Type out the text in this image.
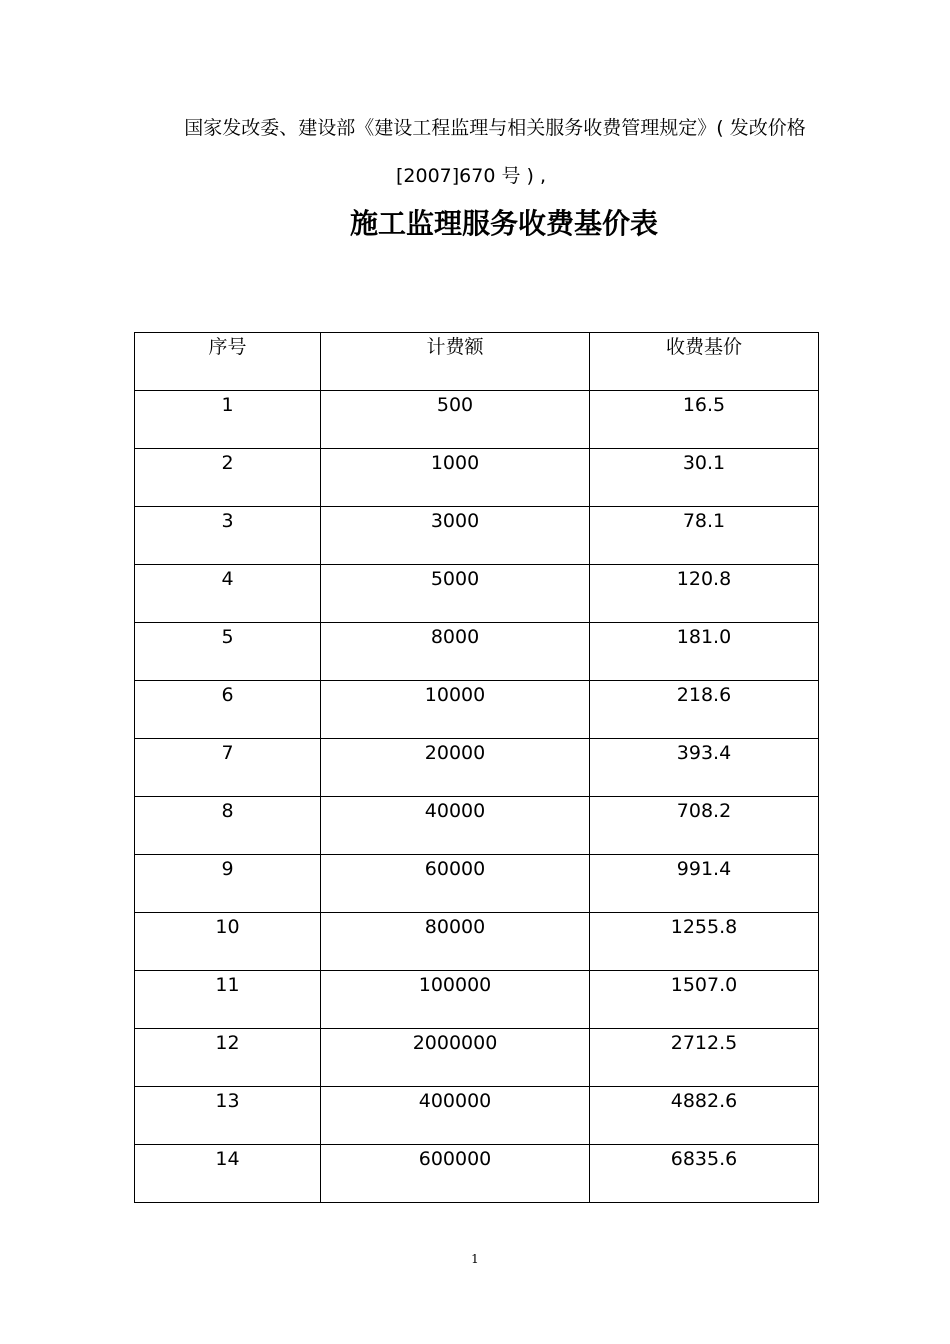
国家发改委、建设部《建设工程监理与相关服务收费管理规定》( 发改价格
[2007]670 号 ) ,
施工监理服务收费基价表
序号	计费额	收费基价

1	500	16.5

2	1000	30.1

3	3000	78.1

4	5000	120.8

5	8000	181.0

6	10000	218.6

7	20000	393.4

8	40000	708.2

9	60000	991.4

10	80000	1255.8

11	100000	1507.0

12	2000000	2712.5

13	400000	4882.6

14	600000	6835.6
1
